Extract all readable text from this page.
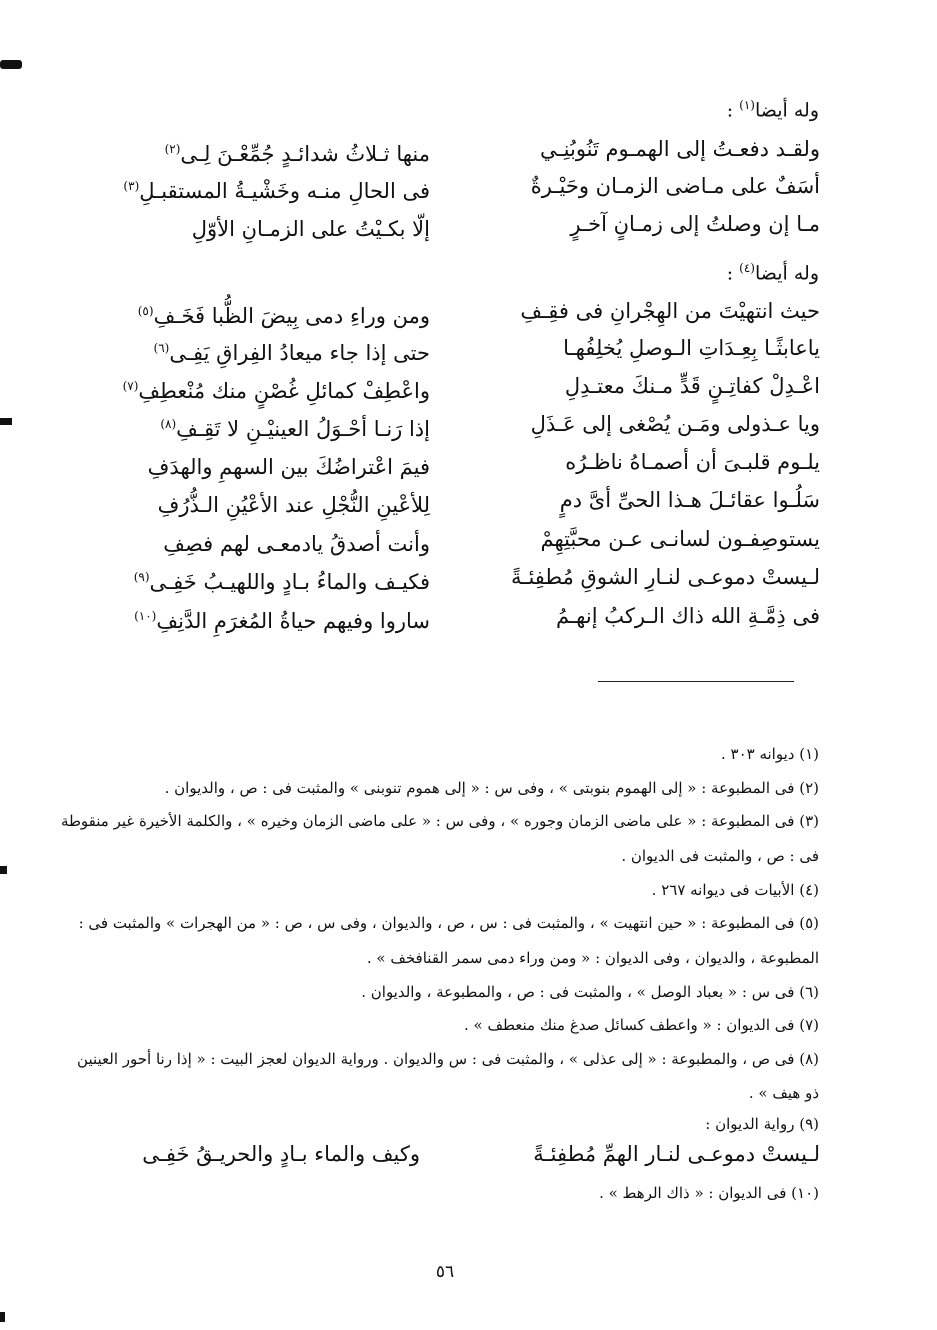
وله أيضا$^{(١)}$ :
ولقـد دفعـتُ إلى الهمـوم تَنُوبُنِـي
منها ثـلاثُ شدائـدٍ جُمِّعْـنَ لِـى$^{(٢)}$
أسَفٌ على مـاضى الزمـان وحَيْـرةٌ
فى الحالِ منـه وخَشْيـةُ المستقبـلِ$^{(٣)}$
مـا إن وصلتُ إلى زمـانٍ آخـرٍ
إلّا بكـيْتُ على الزمـانِ الأوّلِ
وله أيضا$^{(٤)}$ :
حيث انتهيْتَ من الهِجْرانِ فى فقِـفِ
ومن وراءِ دمى بِيضَ الظُّبا فَخَـفِ$^{(٥)}$
ياعابثًـا بِعِـدَاتِ الـوصلِ يُخلِفُهـا
حتى إذا جاء ميعادُ الفِراقِ يَفِـى$^{(٦)}$
اعْـدِلْ كفاتِـنٍ قَدٍّ مـنكَ معتـدِلِ
واعْطِفْ كمائلِ غُصْنٍ منك مُنْعطِفِ$^{(٧)}$
ويا عـذولى ومَـن يُصْغى إلى عَـذَلِ
إذا رَنـا أحْـوَلُ العينيْـنِ لا تَقِـفِ$^{(٨)}$
يلـوم قلبـىَ أن أصمـاهُ ناظـرُه
فيمَ اعْتراضُكَ بين السهمِ والهدَفِ
سَلُـوا عقائـلَ هـذا الحىِّ أىَّ دمٍ
لِلأعْينِ النُّجْلِ عند الأعْيُنِ الـذُّرُفِ
يستوصِفـون لسانـى عـن محبَّتِهِمْ
وأنت أصدقُ يادمعـى لهم فصِفِ
لـيستْ دموعـى لنـارِ الشوقِ مُطفِئـةً
فكيـف والماءُ بـادٍ واللهيـبُ خَفِـى$^{(٩)}$
فى ذِمَّـةِ الله ذاك الـركبُ إنهـمُ
ساروا وفيهم حياةُ المُغرَمِ الدَّنِفِ$^{(١٠)}$
(١) ديوانه ٣٠٣ .
(٢) فى المطبوعة : « إلى الهموم بنوبتى » ، وفى س : « إلى هموم تنوبنى » والمثبت فى : ص ، والديوان .
(٣) فى المطبوعة : « على ماضى الزمان وجوره » ، وفى س : « على ماضى الزمان وخيره » ، والكلمة الأخيرة غير منقوطة
فى : ص ، والمثبت فى الديوان .
(٤) الأبيات فى ديوانه ٢٦٧ .
(٥) فى المطبوعة : « حين انتهيت » ، والمثبت فى : س ، ص ، والديوان ، وفى س ، ص : « من الهجرات » والمثبت فى :
المطبوعة ، والديوان ، وفى الديوان : « ومن وراء دمى سمر القنافخف » .
(٦) فى س : « بعباد الوصل » ، والمثبت فى : ص ، والمطبوعة ، والديوان .
(٧) فى الديوان : « واعطف كسائل صدغ منك منعطف » .
(٨) فى ص ، والمطبوعة : « إلى عذلى » ، والمثبت فى : س والديوان . ورواية الديوان لعجز البيت : « إذا رنا أحور العينين
ذو هيف » .
(٩) رواية الديوان :
لـيستْ دموعـى لنـار الهمِّ مُطفِئـةً
وكيف والماء بـادٍ والحريـقُ خَفِـى
(١٠) فى الديوان : « ذاك الرهط » .
٥٦
